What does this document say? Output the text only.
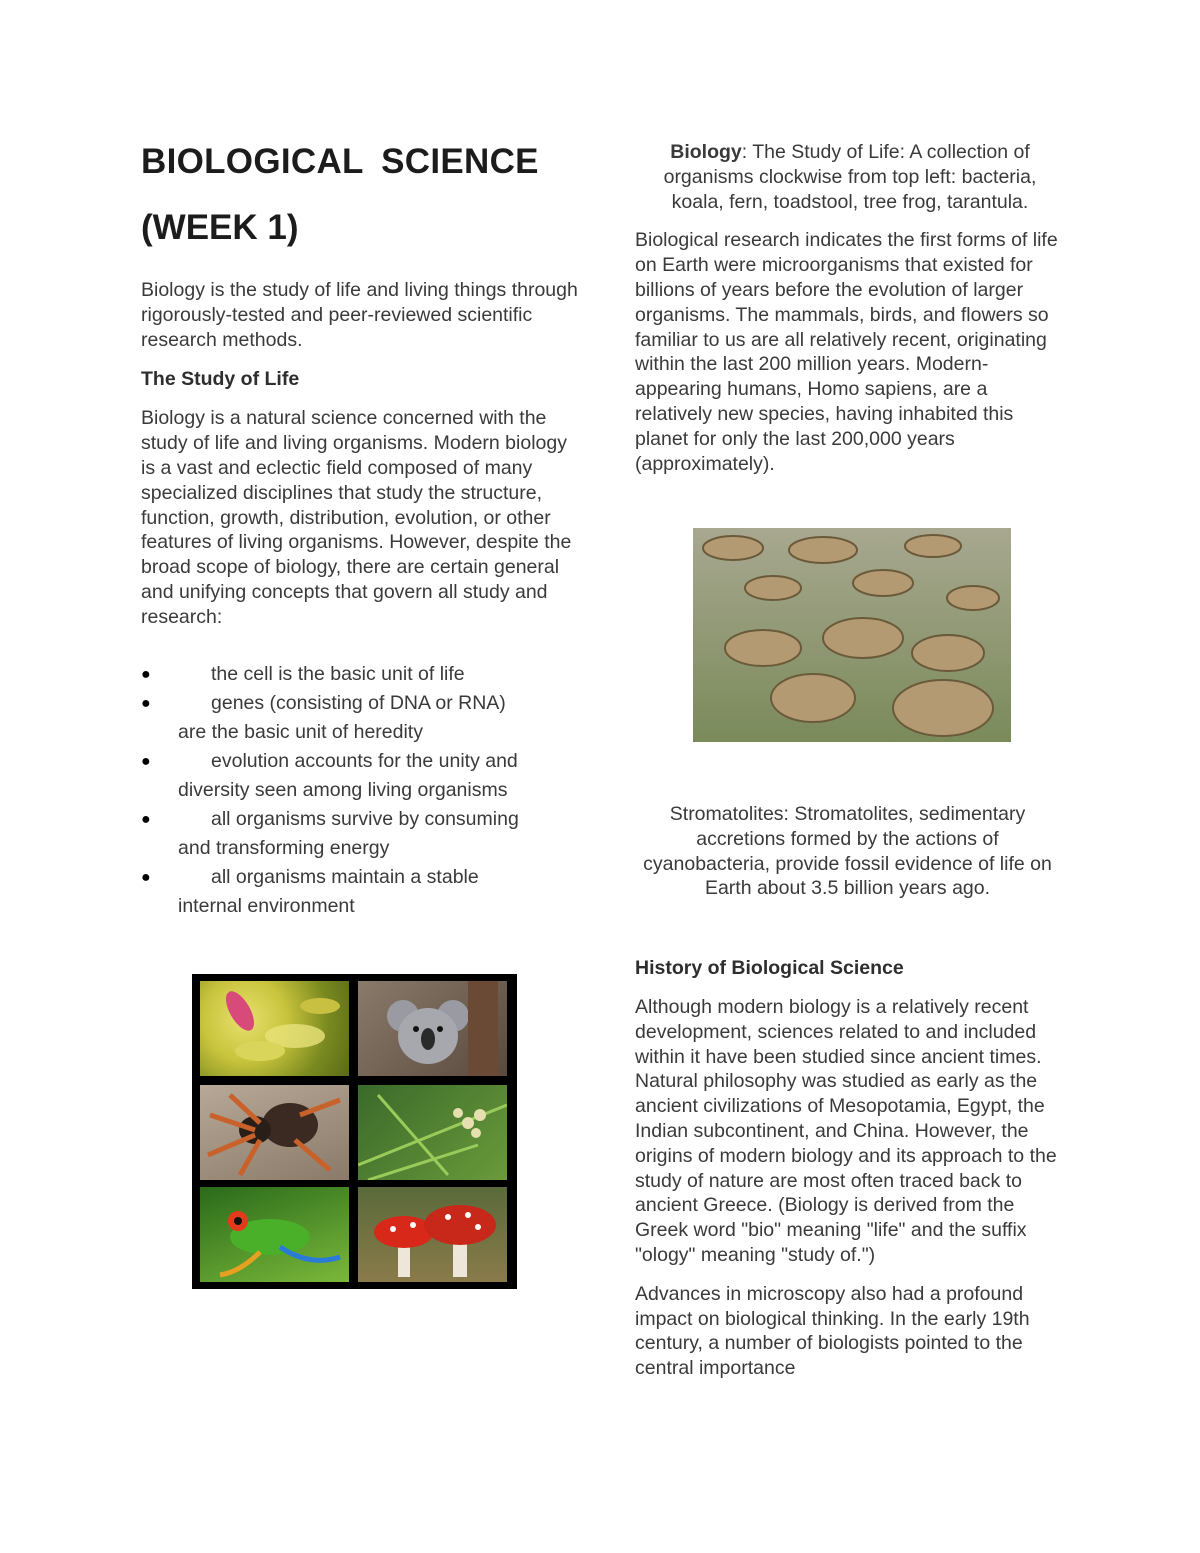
BIOLOGICAL SCIENCE
(WEEK 1)

Biology is the study of life and living things through rigorously-tested and peer-reviewed scientific research methods.

The Study of Life

Biology is a natural science concerned with the study of life and living organisms. Modern biology is a vast and eclectic field composed of many specialized disciplines that study the structure, function, growth, distribution, evolution, or other features of living organisms. However, despite the broad scope of biology, there are certain general and unifying concepts that govern all study and research:

●	the cell is the basic unit of life
●	genes (consisting of DNA or RNA)
are the basic unit of heredity
●	evolution accounts for the unity and
diversity seen among living organisms
●	all organisms survive by consuming
and transforming energy
●	all organisms maintain a stable
internal environment

Biology: The Study of Life: A collection of organisms clockwise from top left: bacteria, koala, fern, toadstool, tree frog, tarantula.

Biological research indicates the first forms of life on Earth were microorganisms that existed for billions of years before the evolution of larger organisms. The mammals, birds, and flowers so familiar to us are all relatively recent, originating within the last 200 million years. Modern-appearing humans, Homo sapiens, are a relatively new species, having inhabited this planet for only the last 200,000 years (approximately).

Stromatolites: Stromatolites, sedimentary accretions formed by the actions of cyanobacteria, provide fossil evidence of life on Earth about 3.5 billion years ago.

History of Biological Science

Although modern biology is a relatively recent development, sciences related to and included within it have been studied since ancient times. Natural philosophy was studied as early as the ancient civilizations of Mesopotamia, Egypt, the Indian subcontinent, and China. However, the origins of modern biology and its approach to the study of nature are most often traced back to ancient Greece. (Biology is derived from the Greek word "bio" meaning "life" and the suffix "ology" meaning "study of.")

Advances in microscopy also had a profound impact on biological thinking. In the early 19th century, a number of biologists pointed to the central importance
